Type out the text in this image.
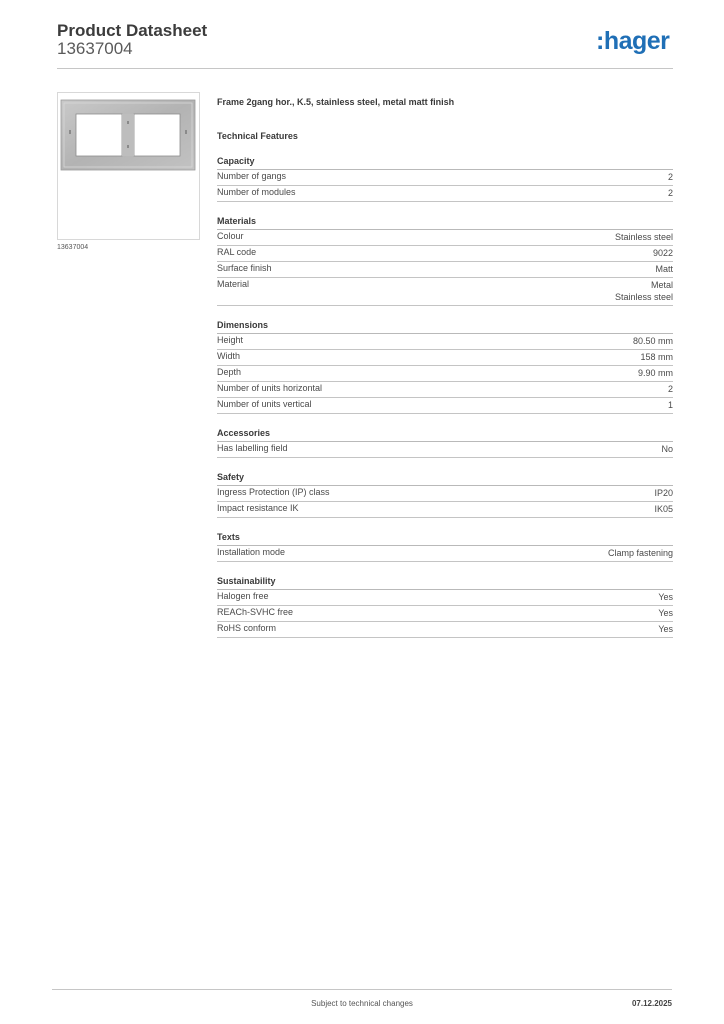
Product Datasheet
13637004	:hager
13637004
Frame 2gang hor., K.5, stainless steel, metal matt finish
Technical Features
Capacity
Number of gangs	2
Number of modules	2
Materials
Colour	Stainless steel
RAL code	9022
Surface finish	Matt
Material	Metal
Stainless steel
Dimensions
Height	80.50 mm
Width	158 mm
Depth	9.90 mm
Number of units horizontal	2
Number of units vertical	1
Accessories
Has labelling field	No
Safety
Ingress Protection (IP) class	IP20
Impact resistance IK	IK05
Texts
Installation mode	Clamp fastening
Sustainability
Halogen free	Yes
REACh-SVHC free	Yes
RoHS conform	Yes
Subject to technical changes	07.12.2025
